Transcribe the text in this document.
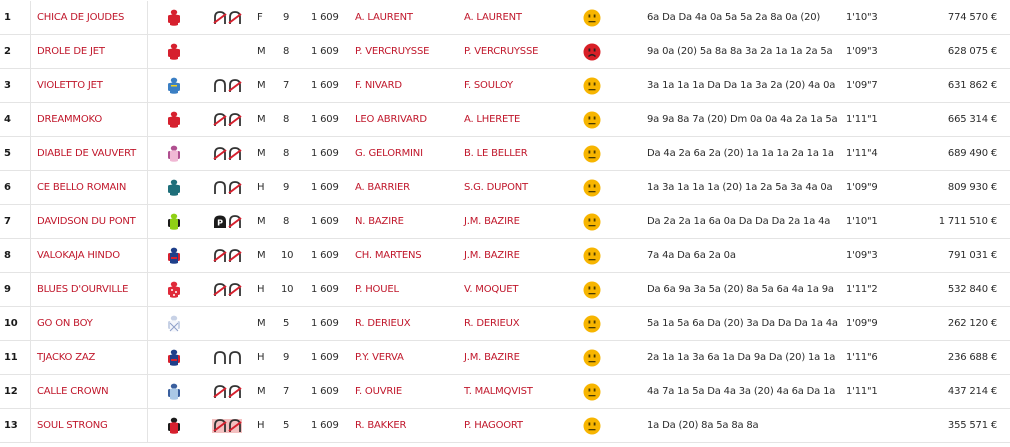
1	CHICA DE JOUDES	F 9 1 609 A. LAURENT	A. LAURENT	6a Da Da 4a 0a 5a 5a 2a 8a 0a (20)	1'10"3	774 570 €
2	DROLE DE JET	M 8 1 609 P. VERCRUYSSE	P. VERCRUYSSE	9a 0a (20) 5a 8a 8a 3a 2a 1a 1a 2a 5a 1'09"3	628 075 €
3	VIOLETTO JET	M 7 1 609 F. NIVARD	F. SOULOY	3a 1a 1a 1a Da Da 1a 3a 2a (20) 4a 0a 1'09"7	631 862 €
4	DREAMMOKO	M 8 1 609 LEO ABRIVARD	A. LHERETE	9a 9a 8a 7a (20) Dm 0a 0a 4a 2a 1a 5a 1'11"1	665 314 €
5	DIABLE DE VAUVERT	M 8 1 609 G. GELORMINI	B. LE BELLER	Da 4a 2a 6a 2a (20) 1a 1a 1a 2a 1a 1a 1'11"4	689 490 €
6	CE BELLO ROMAIN	H 9 1 609 A. BARRIER	S.G. DUPONT	1a 3a 1a 1a 1a (20) 1a 2a 5a 3a 4a 0a 1'09"9	809 930 €
7	DAVIDSON DU PONT	M 8 1 609 N. BAZIRE	J.M. BAZIRE	Da 2a 2a 1a 6a 0a Da Da Da 2a 1a 4a 1'10"1	1 711 510 €
P
8	VALOKAJA HINDO	M 10 1 609 CH. MARTENS	J.M. BAZIRE	7a 4a Da 6a 2a 0a	1'09"3	791 031 €
9	BLUES D'OURVILLE	H 10 1 609 P. HOUEL	V. MOQUET	Da 6a 9a 3a 5a (20) 8a 5a 6a 4a 1a 9a 1'11"2	532 840 €
10 GO ON BOY	M 5 1 609 R. DERIEUX	R. DERIEUX	5a 1a 5a 6a Da (20) 3a Da Da Da 1a 4a 1'09"9	262 120 €
11 TJACKO ZAZ	H 9 1 609 P.Y. VERVA	J.M. BAZIRE	2a 1a 1a 3a 6a 1a Da 9a Da (20) 1a 1a 1'11"6	236 688 €
12 CALLE CROWN	M 7 1 609 F. OUVRIE	T. MALMQVIST	4a 7a 1a 5a Da 4a 3a (20) 4a 6a Da 1a 1'11"1	437 214 €
13 SOUL STRONG	H 5 1 609 R. BAKKER	P. HAGOORT	1a Da (20) 8a 5a 8a 8a	355 571 €
